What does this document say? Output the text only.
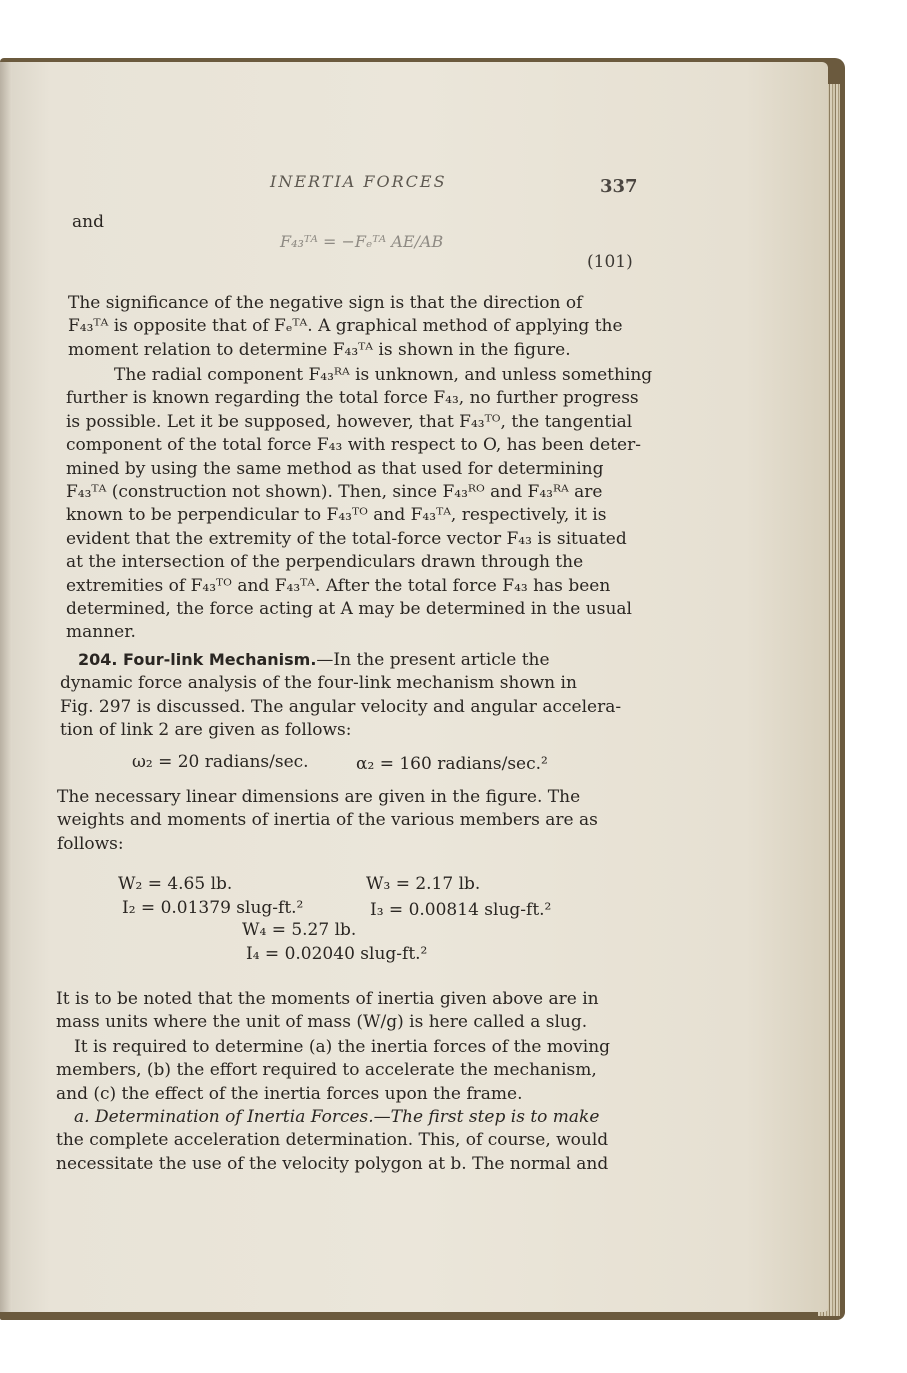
INERTIA FORCES	337
and
F₄₃ᵀᴬ = −Fₑᵀᴬ AE/AB
(101)
The significance of the negative sign is that the direction of
F₄₃ᵀᴬ is opposite that of Fₑᵀᴬ. A graphical method of applying the
moment relation to determine F₄₃ᵀᴬ is shown in the figure.
The radial component F₄₃ᴿᴬ is unknown, and unless something
further is known regarding the total force F₄₃, no further progress
is possible. Let it be supposed, however, that F₄₃ᵀᴼ, the tangential
component of the total force F₄₃ with respect to O, has been deter-
mined by using the same method as that used for determining
F₄₃ᵀᴬ (construction not shown). Then, since F₄₃ᴿᴼ and F₄₃ᴿᴬ are
known to be perpendicular to F₄₃ᵀᴼ and F₄₃ᵀᴬ, respectively, it is
evident that the extremity of the total-force vector F₄₃ is situated
at the intersection of the perpendiculars drawn through the
extremities of F₄₃ᵀᴼ and F₄₃ᵀᴬ. After the total force F₄₃ has been
determined, the force acting at A may be determined in the usual
manner.
204. Four-link Mechanism.—In the present article the
dynamic force analysis of the four-link mechanism shown in
Fig. 297 is discussed. The angular velocity and angular accelera-
tion of link 2 are given as follows:
ω₂ = 20 radians/sec.	α₂ = 160 radians/sec.²
The necessary linear dimensions are given in the figure. The
weights and moments of inertia of the various members are as
follows:
W₂ = 4.65 lb.	W₃ = 2.17 lb.
I₂ = 0.01379 slug-ft.²	I₃ = 0.00814 slug-ft.²
W₄ = 5.27 lb.
I₄ = 0.02040 slug-ft.²
It is to be noted that the moments of inertia given above are in
mass units where the unit of mass (W/g) is here called a slug.
It is required to determine (a) the inertia forces of the moving
members, (b) the effort required to accelerate the mechanism,
and (c) the effect of the inertia forces upon the frame.
a. Determination of Inertia Forces.—The first step is to make
the complete acceleration determination. This, of course, would
necessitate the use of the velocity polygon at b. The normal and
